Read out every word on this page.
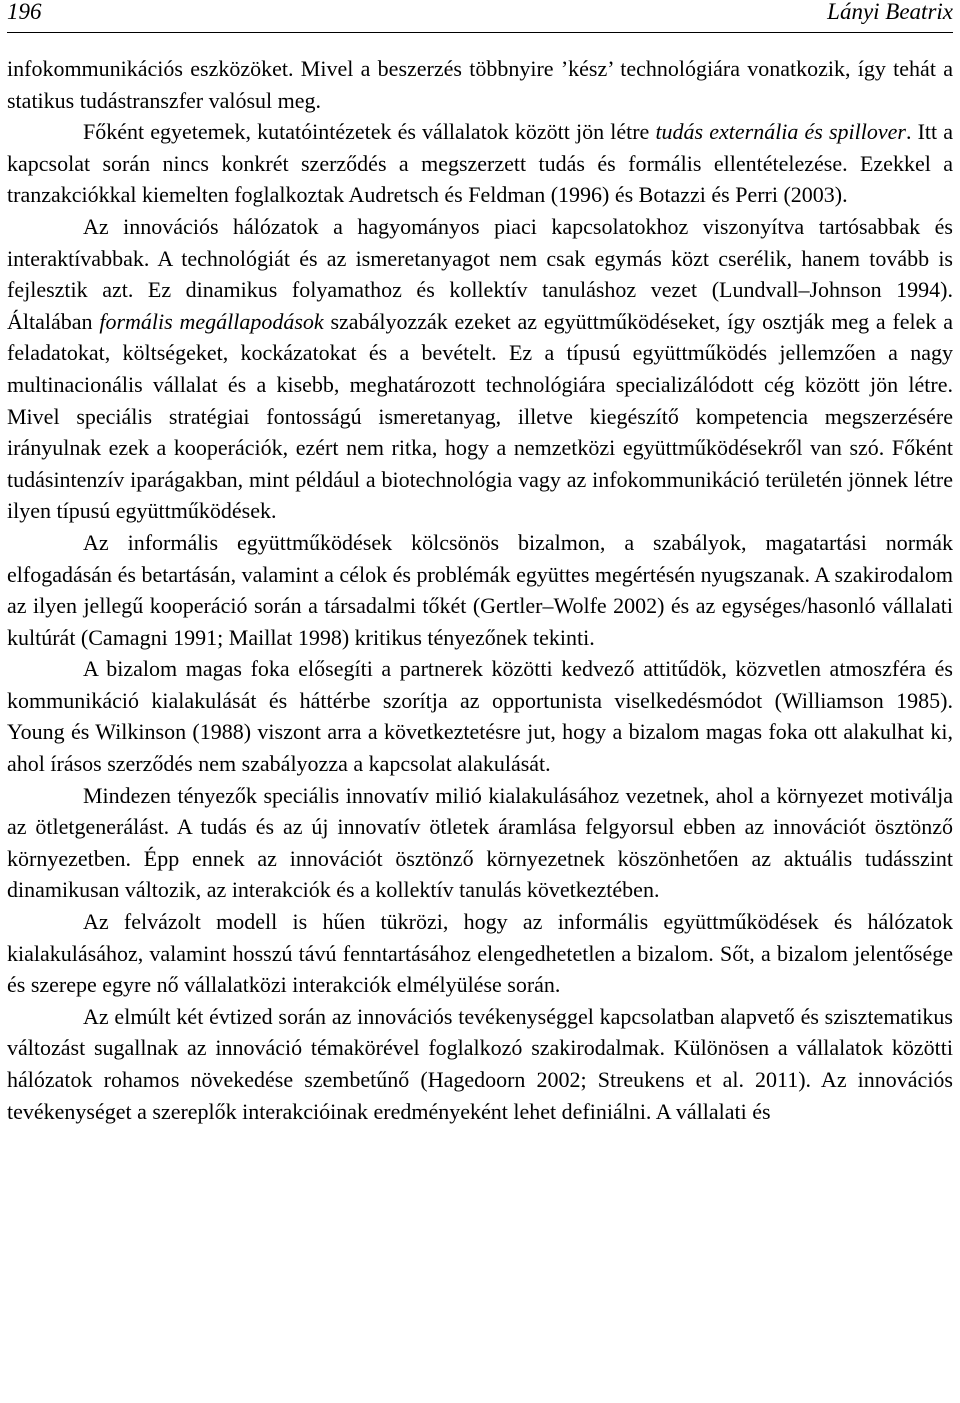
196	Lányi Beatrix

infokommunikációs eszközöket. Mivel a beszerzés többnyire ’kész’ technológiára vonatkozik, így tehát a statikus tudástranszfer valósul meg.

Főként egyetemek, kutatóintézetek és vállalatok között jön létre tudás externália és spillover. Itt a kapcsolat során nincs konkrét szerződés a megszerzett tudás és formális ellentételezése. Ezekkel a tranzakciókkal kiemelten foglalkoztak Audretsch és Feldman (1996) és Botazzi és Perri (2003).

Az innovációs hálózatok a hagyományos piaci kapcsolatokhoz viszonyítva tartósabbak és interaktívabbak. A technológiát és az ismeretanyagot nem csak egymás közt cserélik, hanem tovább is fejlesztik azt. Ez dinamikus folyamathoz és kollektív tanuláshoz vezet (Lundvall–Johnson 1994). Általában formális megállapodások szabályozzák ezeket az együttműködéseket, így osztják meg a felek a feladatokat, költségeket, kockázatokat és a bevételt. Ez a típusú együttműködés jellemzően a nagy multinacionális vállalat és a kisebb, meghatározott technológiára specializálódott cég között jön létre. Mivel speciális stratégiai fontosságú ismeretanyag, illetve kiegészítő kompetencia megszerzésére irányulnak ezek a kooperációk, ezért nem ritka, hogy a nemzetközi együttműködésekről van szó. Főként tudásintenzív iparágakban, mint például a biotechnológia vagy az infokommunikáció területén jönnek létre ilyen típusú együttműködések.

Az informális együttműködések kölcsönös bizalmon, a szabályok, magatartási normák elfogadásán és betartásán, valamint a célok és problémák együttes megértésén nyugszanak. A szakirodalom az ilyen jellegű kooperáció során a társadalmi tőkét (Gertler–Wolfe 2002) és az egységes/hasonló vállalati kultúrát (Camagni 1991; Maillat 1998) kritikus tényezőnek tekinti.

A bizalom magas foka elősegíti a partnerek közötti kedvező attitűdök, közvetlen atmoszféra és kommunikáció kialakulását és háttérbe szorítja az opportunista viselkedésmódot (Williamson 1985). Young és Wilkinson (1988) viszont arra a következtetésre jut, hogy a bizalom magas foka ott alakulhat ki, ahol írásos szerződés nem szabályozza a kapcsolat alakulását.

Mindezen tényezők speciális innovatív milió kialakulásához vezetnek, ahol a környezet motiválja az ötletgenerálást. A tudás és az új innovatív ötletek áramlása felgyorsul ebben az innovációt ösztönző környezetben. Épp ennek az innovációt ösztönző környezetnek köszönhetően az aktuális tudásszint dinamikusan változik, az interakciók és a kollektív tanulás következtében.

Az felvázolt modell is hűen tükrözi, hogy az informális együttműködések és hálózatok kialakulásához, valamint hosszú távú fenntartásához elengedhetetlen a bizalom. Sőt, a bizalom jelentősége és szerepe egyre nő vállalatközi interakciók elmélyülése során.

Az elmúlt két évtized során az innovációs tevékenységgel kapcsolatban alapvető és szisztematikus változást sugallnak az innováció témakörével foglalkozó szakirodalmak. Különösen a vállalatok közötti hálózatok rohamos növekedése szembetűnő (Hagedoorn 2002; Streukens et al. 2011). Az innovációs tevékenységet a szereplők interakcióinak eredményeként lehet definiálni. A vállalati és
